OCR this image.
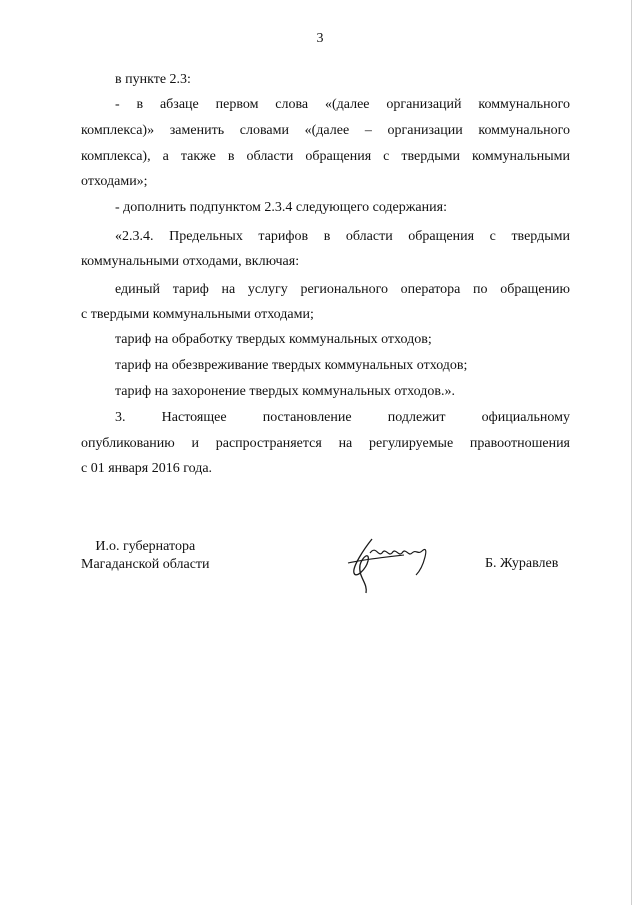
3
в пункте 2.3:
- в абзаце первом слова «(далее организаций коммунального
комплекса)» заменить словами «(далее – организации коммунального
комплекса), а также в области обращения с твердыми коммунальными
отходами»;
- дополнить подпунктом 2.3.4 следующего содержания:
«2.3.4. Предельных тарифов в области обращения с твердыми
коммунальными отходами, включая:
единый тариф на услугу регионального оператора по обращению
с твердыми коммунальными отходами;
тариф на обработку твердых коммунальных отходов;
тариф на обезвреживание твердых коммунальных отходов;
тариф на захоронение твердых коммунальных отходов.».
3. Настоящее постановление подлежит официальному
опубликованию и распространяется на регулируемые правоотношения
с 01 января 2016 года.
И.о. губернатора
Магаданской области	Б. Журавлев
